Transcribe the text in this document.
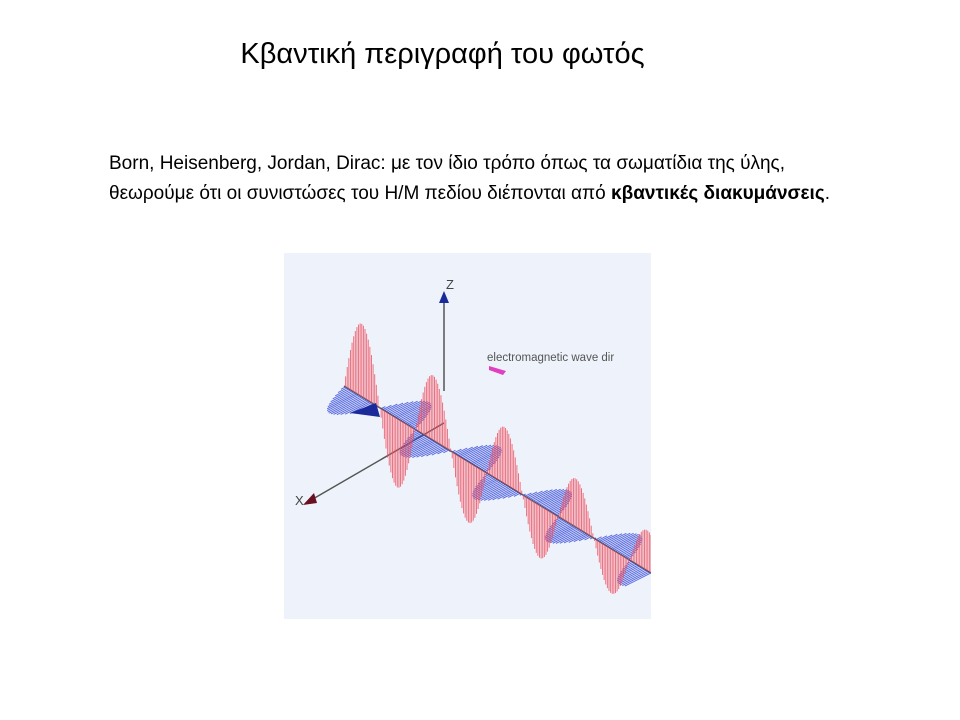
Κβαντική περιγραφή του φωτός

Born, Heisenberg, Jordan, Dirac: με τον ίδιο τρόπο όπως τα σωματίδια της ύλης, θεωρούμε ότι οι συνιστώσες του Η/Μ πεδίου διέπονται από κβαντικές διακυμάνσεις.

Z
X
electromagnetic wave dir
